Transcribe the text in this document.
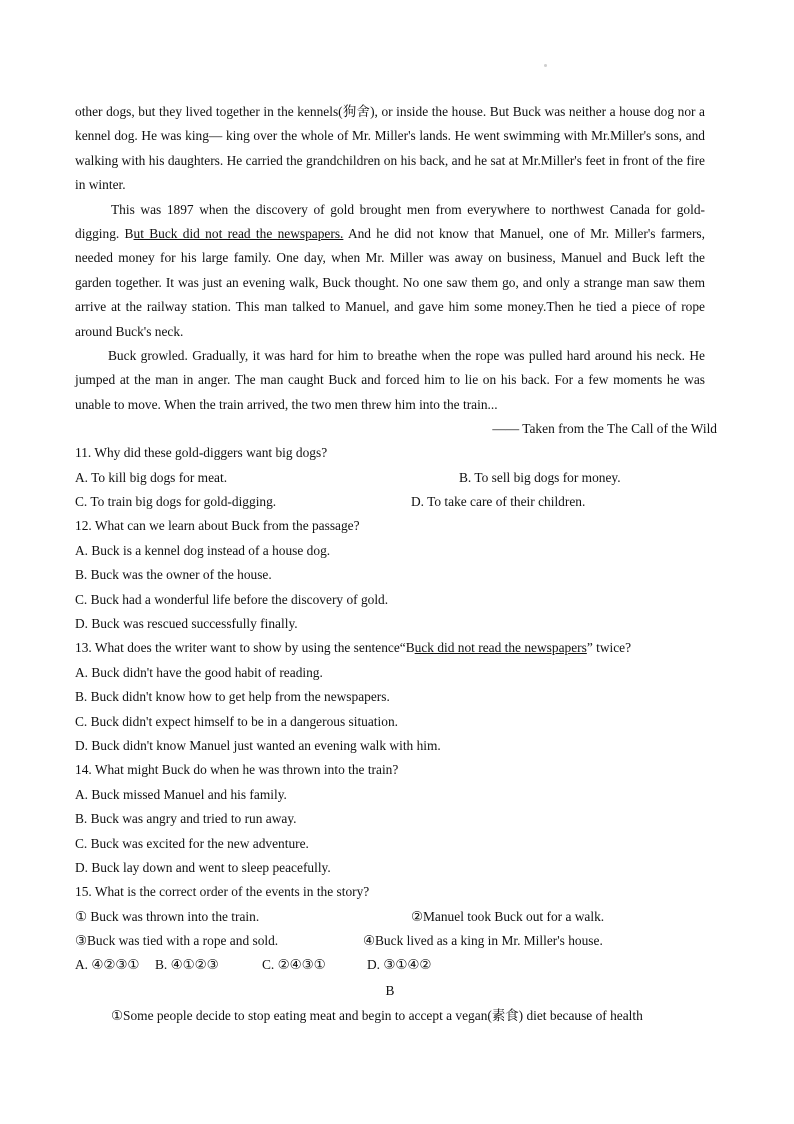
other dogs, but they lived together in the kennels(狗舍), or inside the house. But Buck was neither a house dog nor a kennel dog. He was king— king over the whole of Mr. Miller's lands. He went swimming with Mr.Miller's sons, and walking with his daughters. He carried the grandchildren on his back, and he sat at Mr.Miller's feet in front of the fire in winter.

This was 1897 when the discovery of gold brought men from everywhere to northwest Canada for gold-digging. But Buck did not read the newspapers. And he did not know that Manuel, one of Mr. Miller's farmers, needed money for his large family. One day, when Mr. Miller was away on business, Manuel and Buck left the garden together. It was just an evening walk, Buck thought. No one saw them go, and only a strange man saw them arrive at the railway station. This man talked to Manuel, and gave him some money.Then he tied a piece of rope around Buck's neck.

Buck growled. Gradually, it was hard for him to breathe when the rope was pulled hard around his neck. He jumped at the man in anger. The man caught Buck and forced him to lie on his back. For a few moments he was unable to move. When the train arrived, the two men threw him into the train...

—— Taken from the The Call of the Wild
11. Why did these gold-diggers want big dogs?
A. To kill big dogs for meat.	B. To sell big dogs for money.
C. To train big dogs for gold-digging.	D. To take care of their children.
12. What can we learn about Buck from the passage?
A. Buck is a kennel dog instead of a house dog.
B. Buck was the owner of the house.
C. Buck had a wonderful life before the discovery of gold.
D. Buck was rescued successfully finally.
13. What does the writer want to show by using the sentence“Buck did not read the newspapers” twice?
A. Buck didn't have the good habit of reading.
B. Buck didn't know how to get help from the newspapers.
C. Buck didn't expect himself to be in a dangerous situation.
D. Buck didn't know Manuel just wanted an evening walk with him.
14. What might Buck do when he was thrown into the train?
A. Buck missed Manuel and his family.
B. Buck was angry and tried to run away.
C. Buck was excited for the new adventure.
D. Buck lay down and went to sleep peacefully.
15. What is the correct order of the events in the story?
① Buck was thrown into the train.	②Manuel took Buck out for a walk.
③Buck was tied with a rope and sold.	④Buck lived as a king in Mr. Miller's house.
A. ④②③① B. ④①②③	C. ②④③①	D. ③①④②
B

①Some people decide to stop eating meat and begin to accept a vegan(素食) diet because of health
